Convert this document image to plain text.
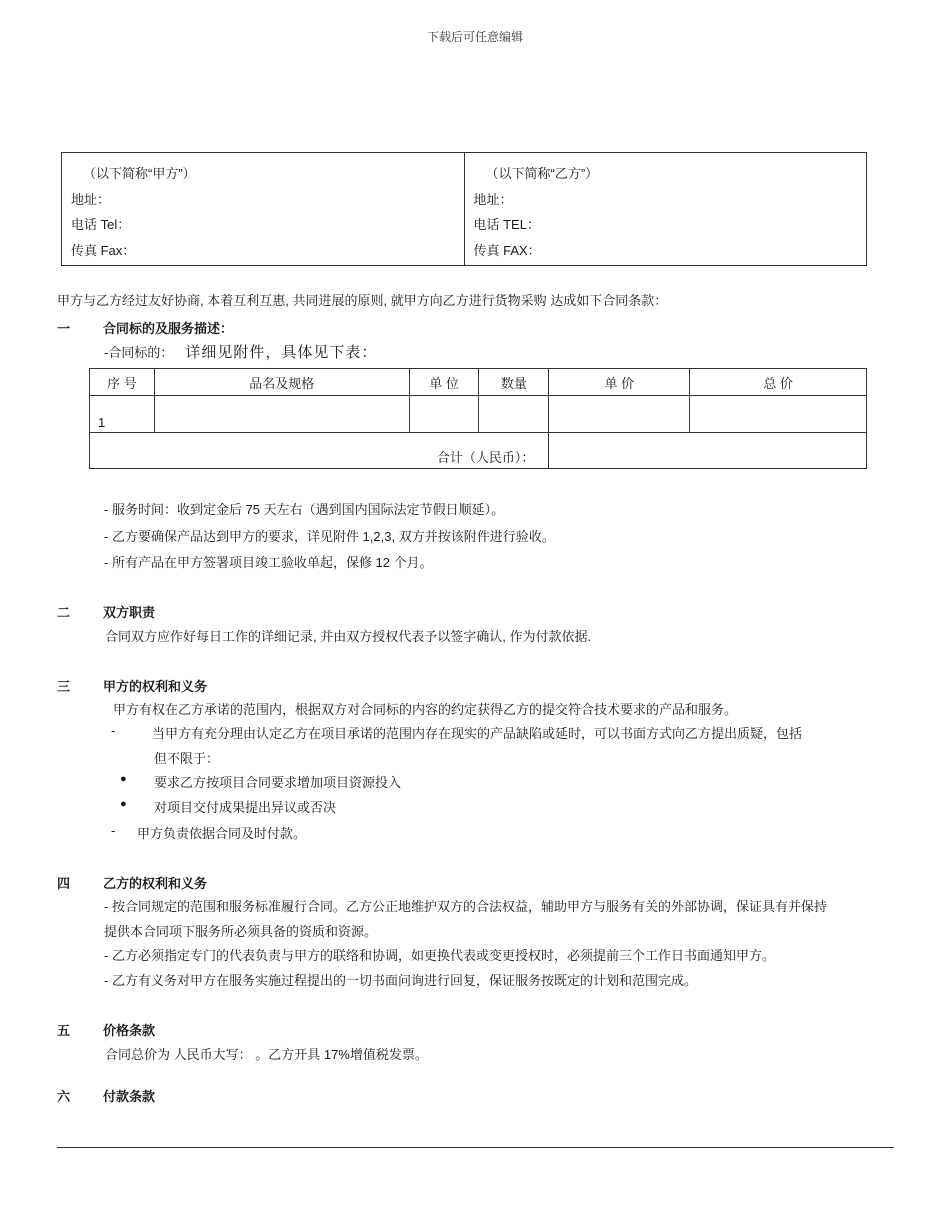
下载后可任意编辑
（以下简称“甲方”）
地址：
电话 Tel：
传真 Fax：
（以下简称“乙方”）
地址：
电话 TEL：
传真 FAX：
甲方与乙方经过友好协商, 本着互利互惠, 共同进展的原则, 就甲方向乙方进行货物采购 达成如下合同条款：
一	合同标的及服务描述：
-合同标的： 详细见附件，具体见下表：
序 号	品名及规格	单 位	数量	单 价	总 价
1					
合计（人民币）：					
- 服务时间：收到定金后 75 天左右（遇到国内国际法定节假日顺延）。
- 乙方要确保产品达到甲方的要求，详见附件 1,2,3, 双方并按该附件进行验收。
- 所有产品在甲方签署项目竣工验收单起，保修 12 个月。
二	双方职责
合同双方应作好每日工作的详细记录, 并由双方授权代表予以签字确认, 作为付款依据.
三	甲方的权利和义务
甲方有权在乙方承诺的范围内，根据双方对合同标的内容的约定获得乙方的提交符合技术要求的产品和服务。
-	当甲方有充分理由认定乙方在项目承诺的范围内存在现实的产品缺陷或延时，可以书面方式向乙方提出质疑，包括
但不限于：
● 要求乙方按项目合同要求增加项目资源投入
● 对项目交付成果提出异议或否决
- 甲方负责依据合同及时付款。
四	乙方的权利和义务
- 按合同规定的范围和服务标准履行合同。乙方公正地维护双方的合法权益，辅助甲方与服务有关的外部协调，保证具有并保持
提供本合同项下服务所必须具备的资质和资源。
- 乙方必须指定专门的代表负责与甲方的联络和协调，如更换代表或变更授权时，必须提前三个工作日书面通知甲方。
- 乙方有义务对甲方在服务实施过程提出的一切书面问询进行回复，保证服务按既定的计划和范围完成。
五	价格条款
合同总价为 人民币大写： 。乙方开具 17%增值税发票。
六	付款条款
